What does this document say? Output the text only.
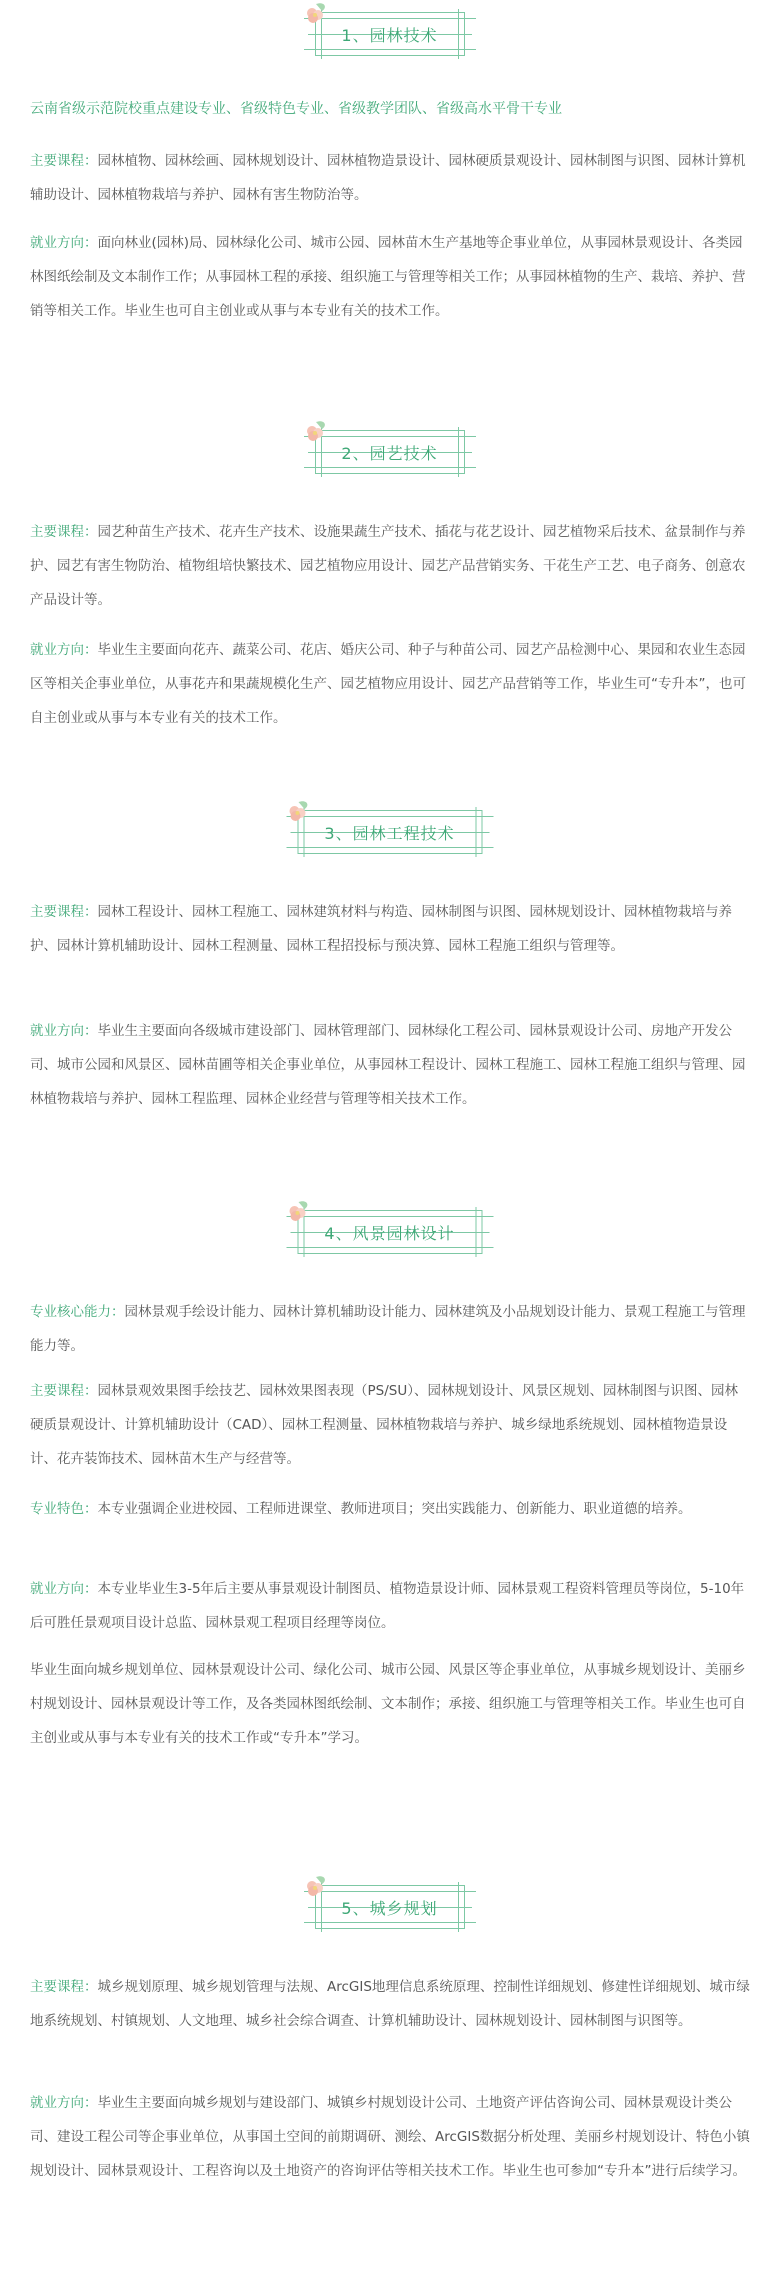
1、园林技术
云南省级示范院校重点建设专业、省级特色专业、省级教学团队、省级高水平骨干专业
主要课程：园林植物、园林绘画、园林规划设计、园林植物造景设计、园林硬质景观设计、园林制图与识图、园林计算机辅助设计、园林植物栽培与养护、园林有害生物防治等。
就业方向：面向林业(园林)局、园林绿化公司、城市公园、园林苗木生产基地等企事业单位，从事园林景观设计、各类园林图纸绘制及文本制作工作；从事园林工程的承接、组织施工与管理等相关工作；从事园林植物的生产、栽培、养护、营销等相关工作。毕业生也可自主创业或从事与本专业有关的技术工作。
2、园艺技术
主要课程：园艺种苗生产技术、花卉生产技术、设施果蔬生产技术、插花与花艺设计、园艺植物采后技术、盆景制作与养护、园艺有害生物防治、植物组培快繁技术、园艺植物应用设计、园艺产品营销实务、干花生产工艺、电子商务、创意农产品设计等。
就业方向：毕业生主要面向花卉、蔬菜公司、花店、婚庆公司、种子与种苗公司、园艺产品检测中心、果园和农业生态园区等相关企事业单位，从事花卉和果蔬规模化生产、园艺植物应用设计、园艺产品营销等工作，毕业生可“专升本”，也可自主创业或从事与本专业有关的技术工作。
3、园林工程技术
主要课程：园林工程设计、园林工程施工、园林建筑材料与构造、园林制图与识图、园林规划设计、园林植物栽培与养护、园林计算机辅助设计、园林工程测量、园林工程招投标与预决算、园林工程施工组织与管理等。
就业方向：毕业生主要面向各级城市建设部门、园林管理部门、园林绿化工程公司、园林景观设计公司、房地产开发公司、城市公园和风景区、园林苗圃等相关企事业单位，从事园林工程设计、园林工程施工、园林工程施工组织与管理、园林植物栽培与养护、园林工程监理、园林企业经营与管理等相关技术工作。
4、风景园林设计
专业核心能力：园林景观手绘设计能力、园林计算机辅助设计能力、园林建筑及小品规划设计能力、景观工程施工与管理能力等。
主要课程：园林景观效果图手绘技艺、园林效果图表现（PS/SU）、园林规划设计、风景区规划、园林制图与识图、园林硬质景观设计、计算机辅助设计（CAD）、园林工程测量、园林植物栽培与养护、城乡绿地系统规划、园林植物造景设计、花卉装饰技术、园林苗木生产与经营等。
专业特色：本专业强调企业进校园、工程师进课堂、教师进项目；突出实践能力、创新能力、职业道德的培养。
就业方向：本专业毕业生3-5年后主要从事景观设计制图员、植物造景设计师、园林景观工程资料管理员等岗位，5-10年后可胜任景观项目设计总监、园林景观工程项目经理等岗位。
毕业生面向城乡规划单位、园林景观设计公司、绿化公司、城市公园、风景区等企事业单位，从事城乡规划设计、美丽乡村规划设计、园林景观设计等工作，及各类园林图纸绘制、文本制作；承接、组织施工与管理等相关工作。毕业生也可自主创业或从事与本专业有关的技术工作或“专升本”学习。
5、城乡规划
主要课程：城乡规划原理、城乡规划管理与法规、ArcGIS地理信息系统原理、控制性详细规划、修建性详细规划、城市绿地系统规划、村镇规划、人文地理、城乡社会综合调查、计算机辅助设计、园林规划设计、园林制图与识图等。
就业方向：毕业生主要面向城乡规划与建设部门、城镇乡村规划设计公司、土地资产评估咨询公司、园林景观设计类公司、建设工程公司等企事业单位，从事国土空间的前期调研、测绘、ArcGIS数据分析处理、美丽乡村规划设计、特色小镇规划设计、园林景观设计、工程咨询以及土地资产的咨询评估等相关技术工作。毕业生也可参加“专升本”进行后续学习。
